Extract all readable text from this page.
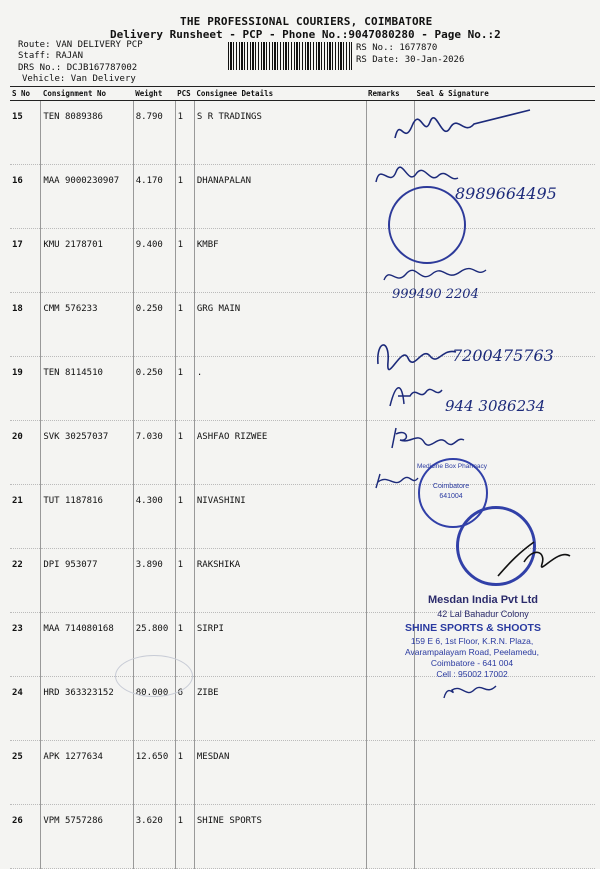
THE PROFESSIONAL COURIERS, COIMBATORE
Delivery Runsheet - PCP - Phone No.:9047080280 - Page No.:2
Route: VAN DELIVERY PCP
Staff: RAJAN
DRS No.: DCJB167787002
Vehicle: Van Delivery
RS No.: 1677870
RS Date: 30-Jan-2026
S No	Consignment No	Weight	PCS	Consignee Details	Remarks	Seal & Signature
15	TEN 8089386	8.790	1	S R TRADINGS		
16	MAA 9000230907	4.170	1	DHANAPALAN		
17	KMU 2178701	9.400	1	KMBF		
18	CMM 576233	0.250	1	GRG MAIN		
19	TEN 8114510	0.250	1	.		
20	SVK 30257037	7.030	1	ASHFAO RIZWEE		
21	TUT 1187816	4.300	1	NIVASHINI		
22	DPI 953077	3.890	1	RAKSHIKA		
23	MAA 714080168	25.800	1	SIRPI		
24	HRD 363323152	80.000	6	ZIBE		
25	APK 1277634	12.650	1	MESDAN		
26	VPM 5757286	3.620	1	SHINE SPORTS		
8989664495
999490 2204
7200475763
944 3086234
Medicine Box Pharmacy
Coimbatore
641004
Mesdan India Pvt Ltd
42 Lal Bahadur Colony
SHINE SPORTS & SHOOTS
159 E 6, 1st Floor, K.R.N. Plaza,
Avarampalayam Road, Peelamedu,
Coimbatore - 641 004
Cell : 95002 17002
